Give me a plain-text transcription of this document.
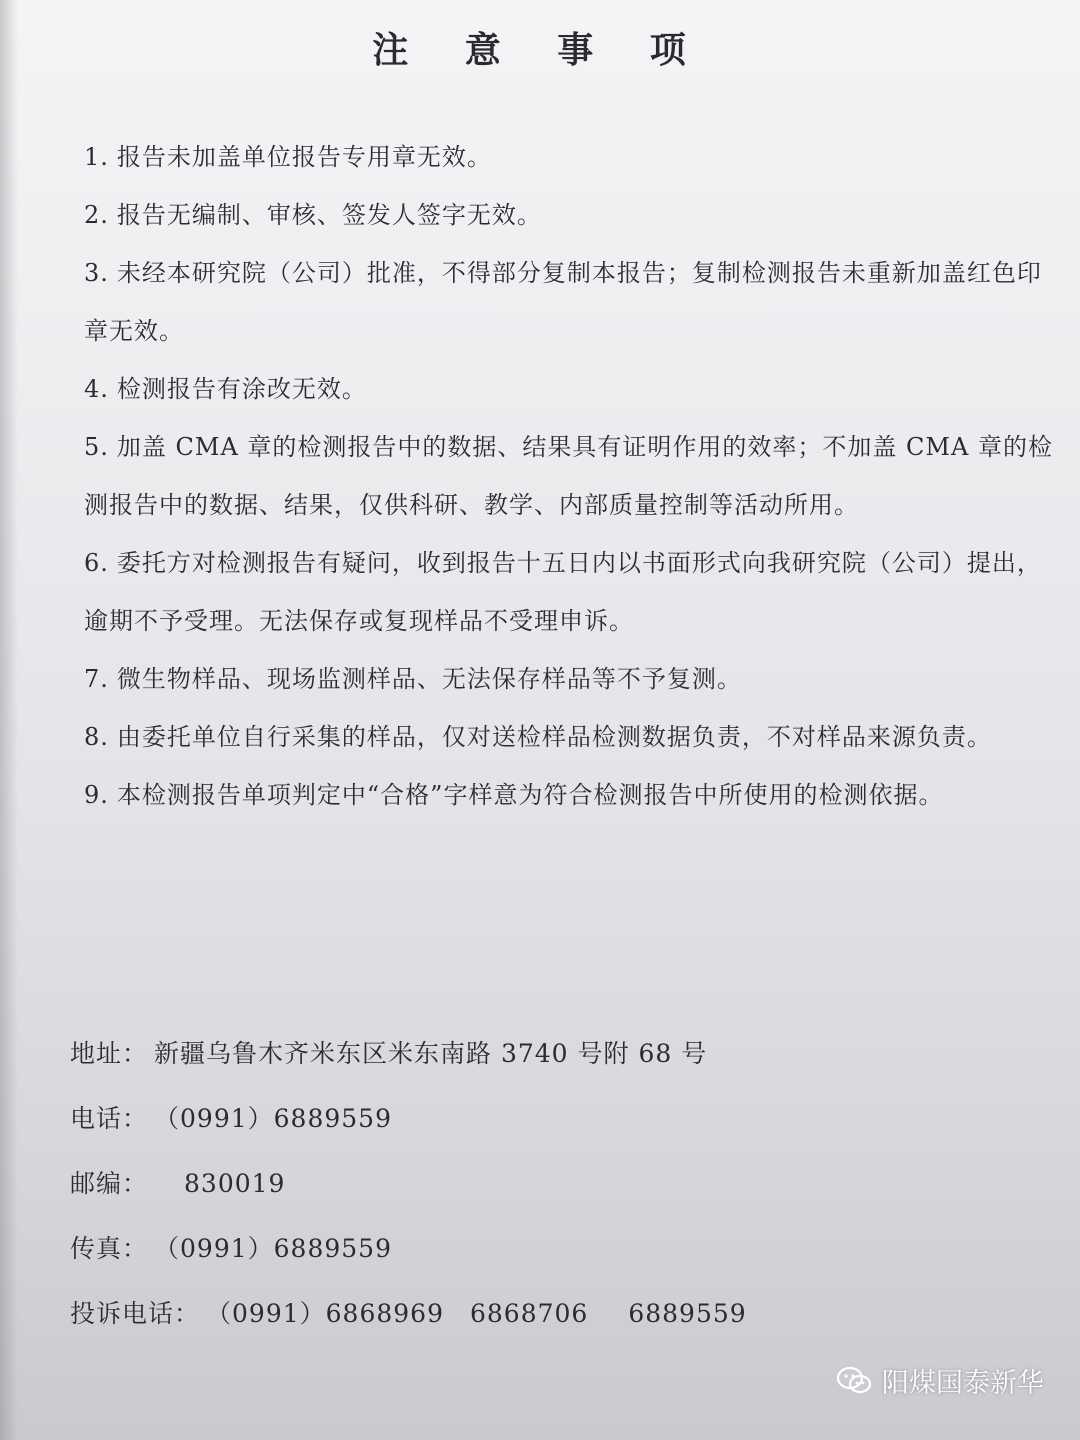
注 意 事 项
1. 报告未加盖单位报告专用章无效。
2. 报告无编制、审核、签发人签字无效。
3. 未经本研究院（公司）批准，不得部分复制本报告；复制检测报告未重新加盖红色印章无效。
4. 检测报告有涂改无效。
5. 加盖 CMA 章的检测报告中的数据、结果具有证明作用的效率；不加盖 CMA 章的检测报告中的数据、结果，仅供科研、教学、内部质量控制等活动所用。
6. 委托方对检测报告有疑问，收到报告十五日内以书面形式向我研究院（公司）提出，逾期不予受理。无法保存或复现样品不受理申诉。
7. 微生物样品、现场监测样品、无法保存样品等不予复测。
8. 由委托单位自行采集的样品，仅对送检样品检测数据负责，不对样品来源负责。
9. 本检测报告单项判定中“合格”字样意为符合检测报告中所使用的检测依据。
地址： 新疆乌鲁木齐米东区米东南路 3740 号附 68 号
电话： （0991）6889559
邮编： 830019
传真： （0991）6889559
投诉电话： （0991）6868969 6868706 6889559
阳煤国泰新华
